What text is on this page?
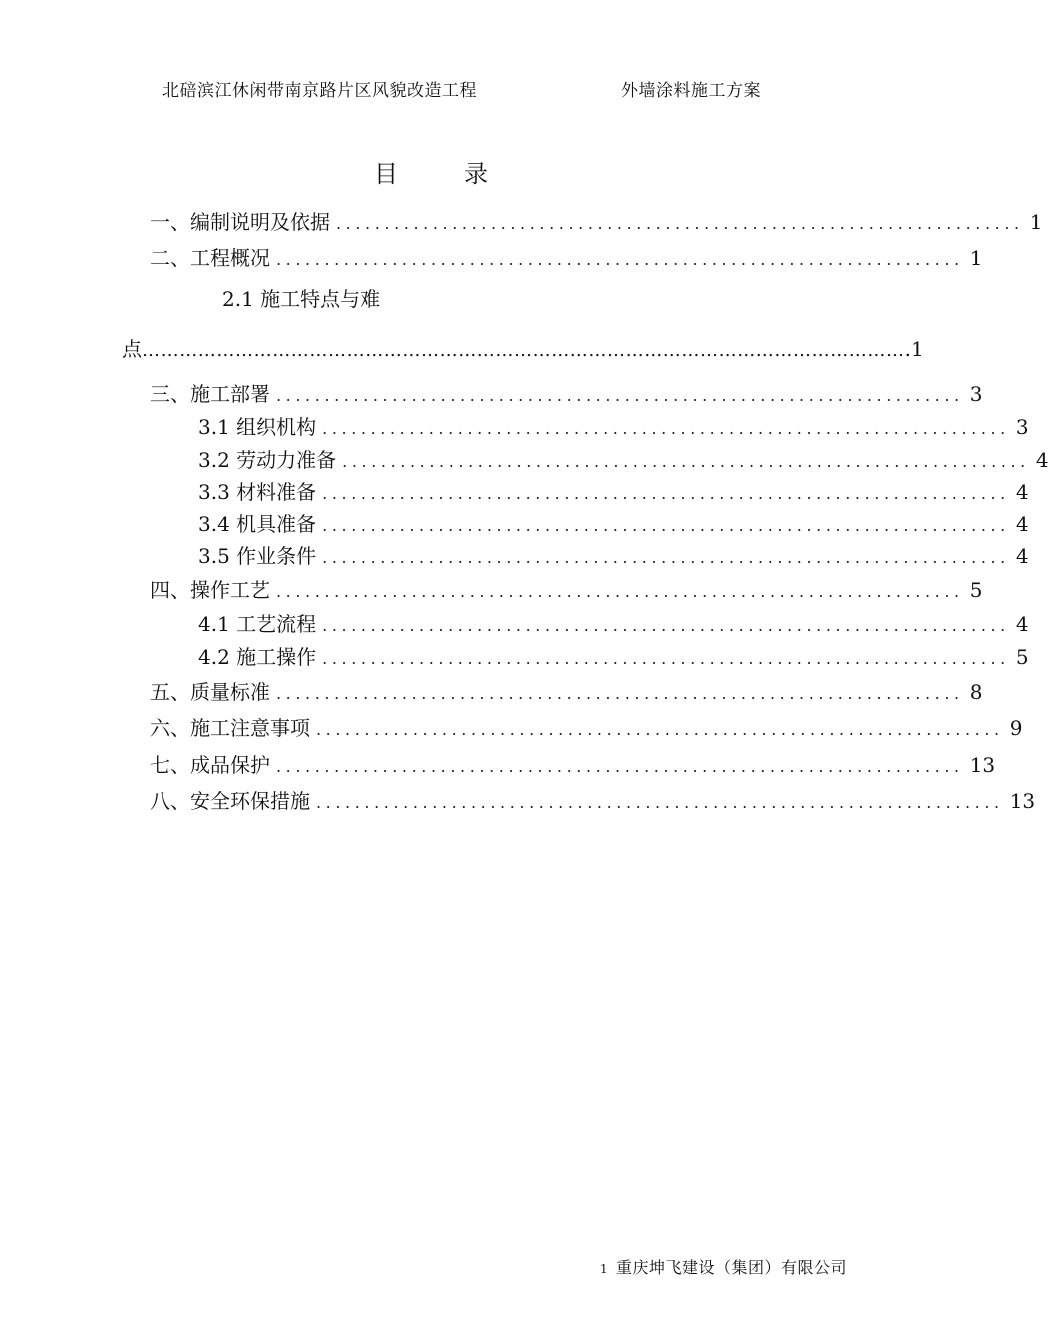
北碚滨江休闲带南京路片区风貌改造工程	外墙涂料施工方案
目	录
一、编制说明及依据 ....................................................................... 1
二、工程概况 ....................................................................... 1
2.1 施工特点与难
点 …………………………………………………………………………………………………………… .1
三、施工部署 ....................................................................... 3
3.1 组织机构 ....................................................................... 3
3.2 劳动力准备 ....................................................................... 4
3.3 材料准备 ....................................................................... 4
3.4 机具准备 ....................................................................... 4
3.5 作业条件 ....................................................................... 4
四、操作工艺 ....................................................................... 5
4.1 工艺流程 ....................................................................... 4
4.2 施工操作 ....................................................................... 5
五、质量标准 ....................................................................... 8
六、施工注意事项 ....................................................................... 9
七、成品保护 ....................................................................... 13
八、安全环保措施 ....................................................................... 13
1 重庆坤飞建设（集团）有限公司
